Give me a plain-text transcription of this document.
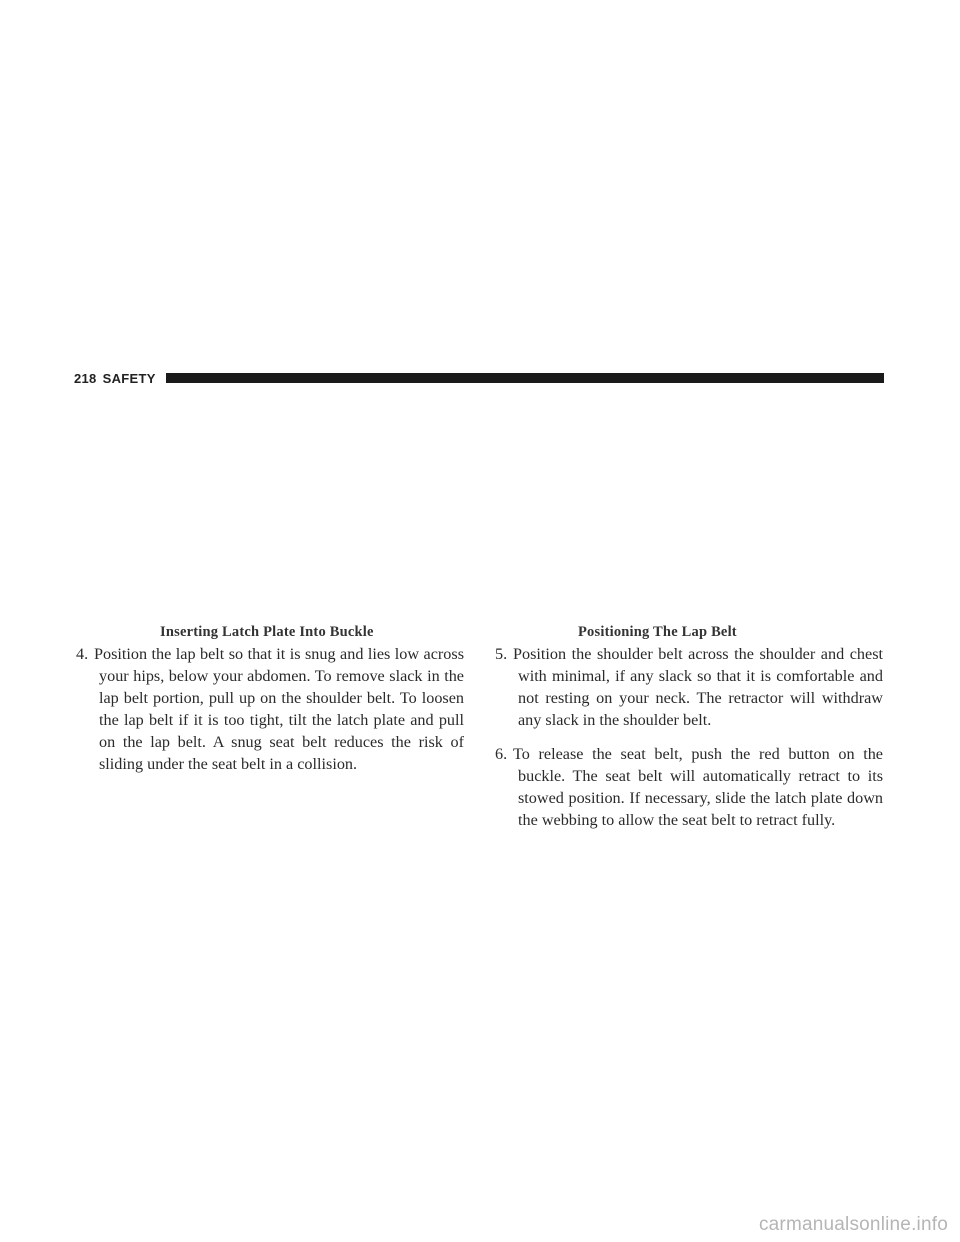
218 SAFETY
Inserting Latch Plate Into Buckle	Positioning The Lap Belt

4. Position the lap belt so that it is snug and lies low across your hips, below your abdomen. To remove slack in the lap belt portion, pull up on the shoulder belt. To loosen the lap belt if it is too tight, tilt the latch plate and pull on the lap belt. A snug seat belt reduces the risk of sliding under the seat belt in a collision.

5. Position the shoulder belt across the shoulder and chest with minimal, if any slack so that it is comfortable and not resting on your neck. The retractor will withdraw any slack in the shoulder belt.

6. To release the seat belt, push the red button on the buckle. The seat belt will automatically retract to its stowed position. If necessary, slide the latch plate down the webbing to allow the seat belt to retract fully.

carmanualsonline.info
